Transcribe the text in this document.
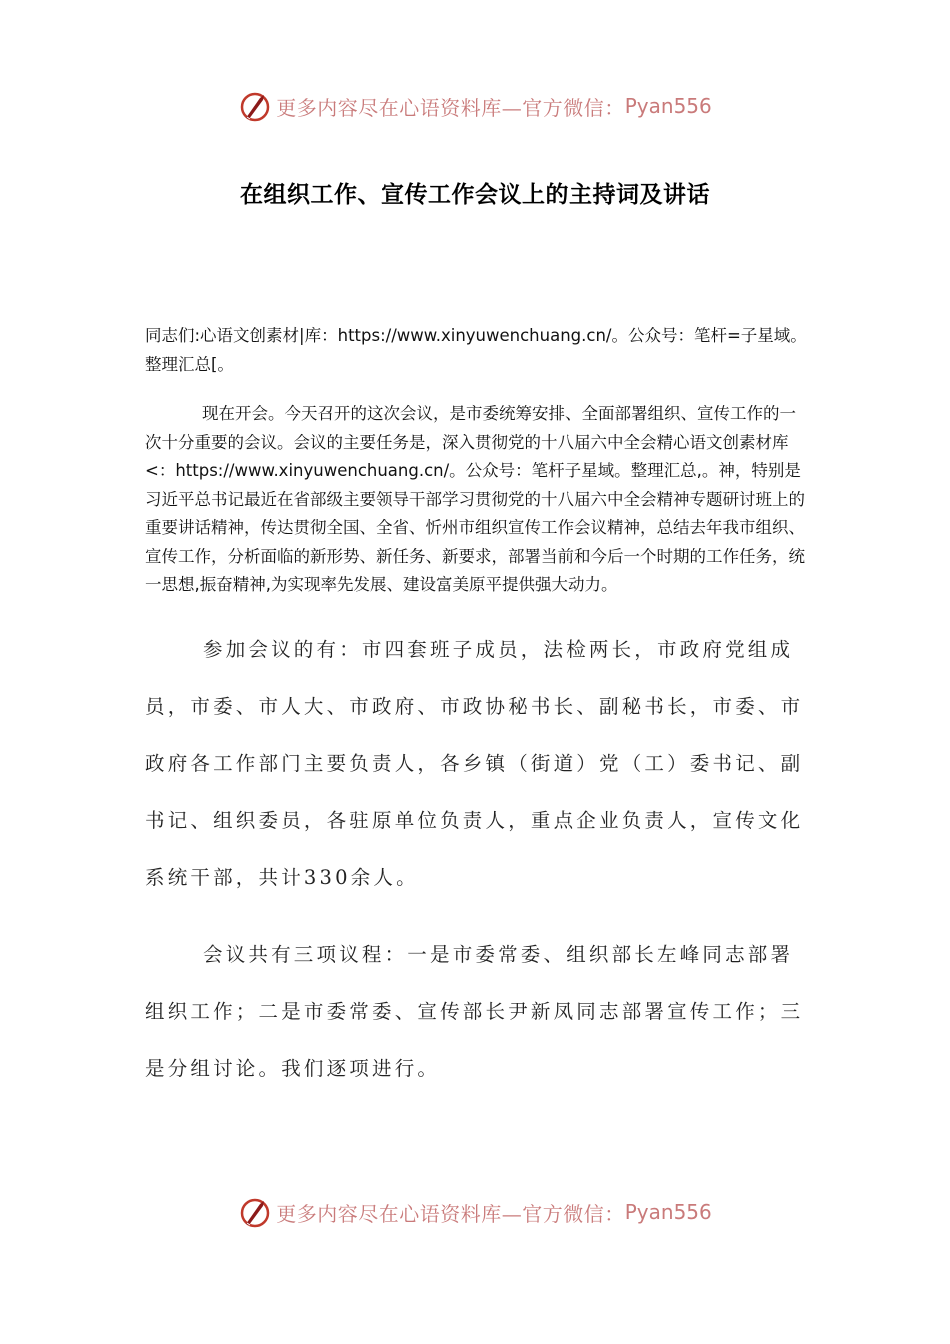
更多内容尽在心语资料库—官方微信： Pyan556
在组织工作、宣传工作会议上的主持词及讲话

同志们:心语文创素材|库：https://www.xinyuwenchuang.cn/。公众号：笔杆=子星域。整理汇总[。

现在开会。今天召开的这次会议，是市委统筹安排、全面部署组织、宣传工作的一次十分重要的会议。会议的主要任务是，深入贯彻党的十八届六中全会精心语文创素材库<：https://www.xinyuwenchuang.cn/。公众号：笔杆子星域。整理汇总,。神，特别是习近平总书记最近在省部级主要领导干部学习贯彻党的十八届六中全会精神专题研讨班上的重要讲话精神，传达贯彻全国、全省、忻州市组织宣传工作会议精神，总结去年我市组织、宣传工作，分析面临的新形势、新任务、新要求，部署当前和今后一个时期的工作任务，统一思想,振奋精神,为实现率先发展、建设富美原平提供强大动力。

参加会议的有：市四套班子成员，法检两长，市政府党组成员，市委、市人大、市政府、市政协秘书长、副秘书长，市委、市政府各工作部门主要负责人，各乡镇（街道）党（工）委书记、副书记、组织委员，各驻原单位负责人，重点企业负责人，宣传文化系统干部，共计330余人。

会议共有三项议程：一是市委常委、组织部长左峰同志部署组织工作；二是市委常委、宣传部长尹新凤同志部署宣传工作；三是分组讨论。我们逐项进行。

更多内容尽在心语资料库—官方微信： Pyan556
